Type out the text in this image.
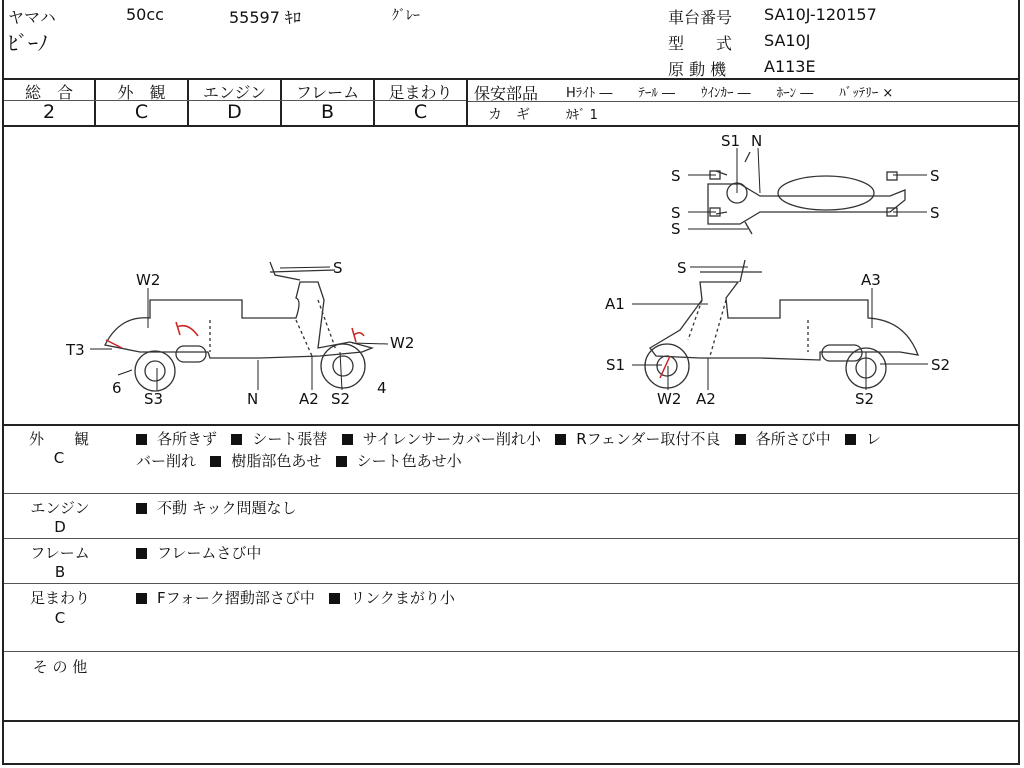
ヤマハ	50cc	55597 ｷﾛ	ｸﾞﾚｰ
ﾋﾞｰﾉ
車台番号 SA10J-120157
型　　式 SA10J
原 動 機 A113E
総　合
2
外　観
C
エンジン
D
フレーム
B
足まわり
C
保安部品 Hﾗｲﾄ ―　　ﾃｰﾙ ―　　ｳｲﾝｶｰ ―　　ﾎｰﾝ ―　　ﾊﾞｯﾃﾘｰ ×
カ　ギ	ｶｷﾞ 1
S1 N
S
S
S
S
S
S
W2
T3
6
S3	N	A2 S2
4
W2
S
A1
A3
S1
W2 A2	S2
S2
外　　観
C
各所きず シート張替 サイレンサーカバー削れ小 Rフェンダー取付不良 各所さび中 レ
バー削れ 樹脂部色あせ シート色あせ小
エンジン
D
不動 キック問題なし
フレーム
B
フレームさび中
足まわり
C
Fフォーク摺動部さび中 リンクまがり小
そ の 他
